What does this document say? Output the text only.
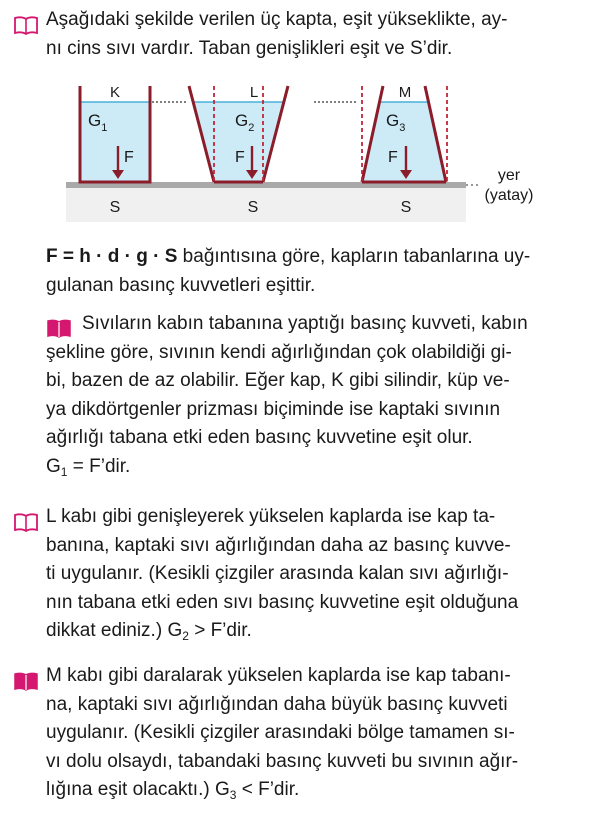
Aşağıdaki şekilde verilen üç kapta, eşit yükseklikte, ay-
nı cins sıvı vardır. Taban genişlikleri eşit ve S’dir.

K	L	M
$G_1$	$G_2$	$G_3$
F	F	F
S	S	S
yer
(yatay)

F = h · d · g · S bağıntısına göre, kapların tabanlarına uy-
gulanan basınç kuvvetleri eşittir.

Sıvıların kabın tabanına yaptığı basınç kuvveti, kabın
şekline göre, sıvının kendi ağırlığından çok olabildiği gi-
bi, bazen de az olabilir. Eğer kap, K gibi silindir, küp ve-
ya dikdörtgenler prizması biçiminde ise kaptaki sıvının
ağırlığı tabana etki eden basınç kuvvetine eşit olur.
$G_1$ = F’dir.

L kabı gibi genişleyerek yükselen kaplarda ise kap ta-
banına, kaptaki sıvı ağırlığından daha az basınç kuvve-
ti uygulanır. (Kesikli çizgiler arasında kalan sıvı ağırlığı-
nın tabana etki eden sıvı basınç kuvvetine eşit olduğuna
dikkat ediniz.) $G_2$ > F’dir.

M kabı gibi daralarak yükselen kaplarda ise kap tabanı-
na, kaptaki sıvı ağırlığından daha büyük basınç kuvveti
uygulanır. (Kesikli çizgiler arasındaki bölge tamamen sı-
vı dolu olsaydı, tabandaki basınç kuvveti bu sıvının ağır-
lığına eşit olacaktı.) $G_3$ < F’dir.
